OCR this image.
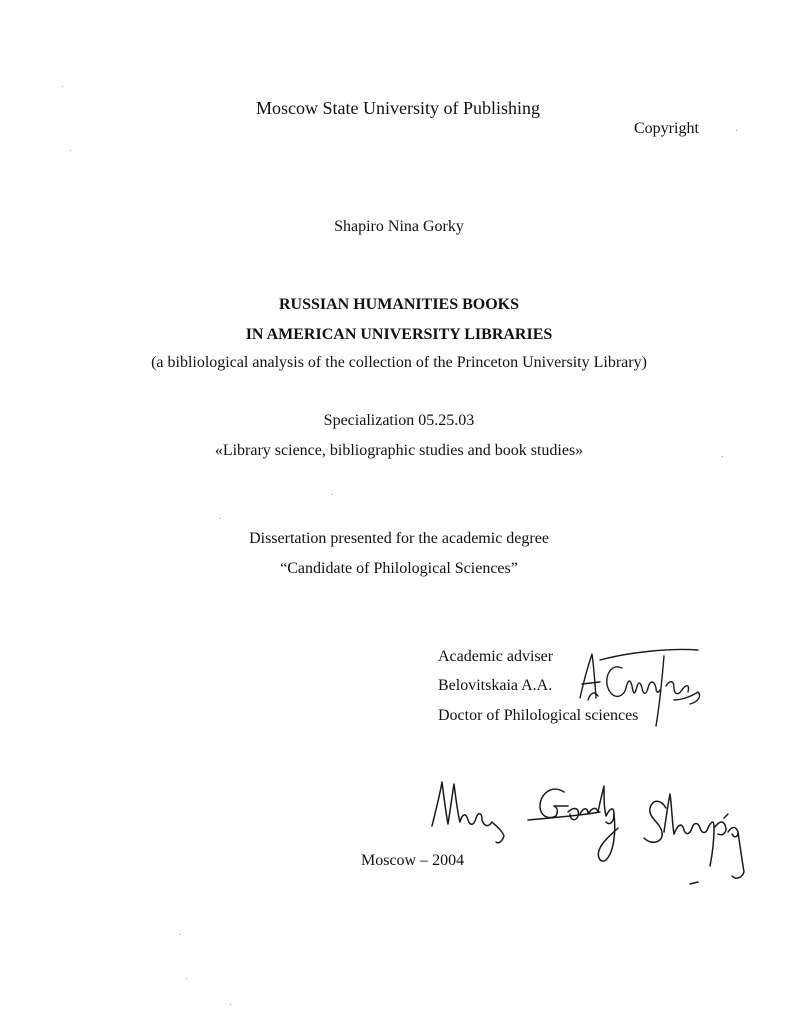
Moscow State University of Publishing
Copyright
Shapiro Nina Gorky
RUSSIAN HUMANITIES BOOKS
IN AMERICAN UNIVERSITY LIBRARIES
(a bibliological analysis of the collection of the Princeton University Library)
Specialization 05.25.03
«Library science, bibliographic studies and book studies»
Dissertation presented for the academic degree
“Candidate of Philological Sciences”
Academic adviser
Belovitskaia A.A.
Doctor of Philological sciences
Moscow – 2004
